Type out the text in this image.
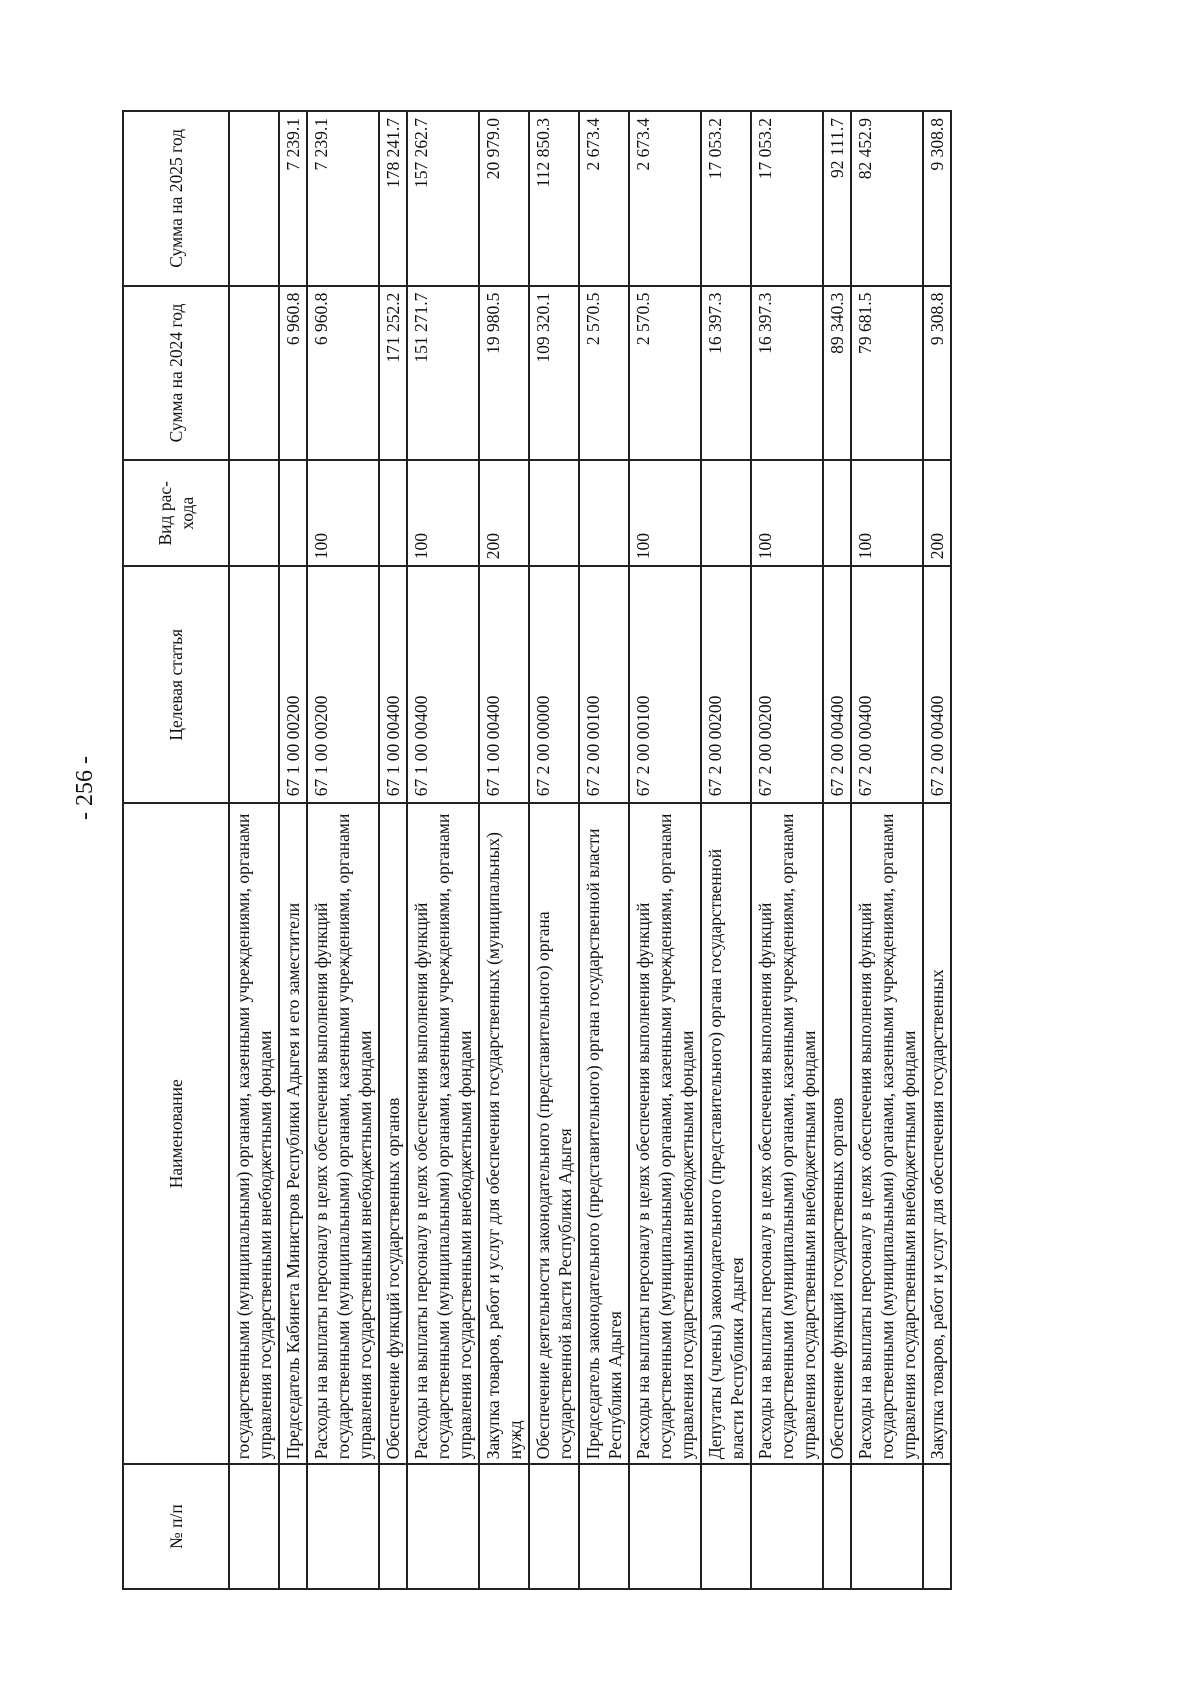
- 256 -
№ п/п	Наименование	Целевая статья	Вид рас-хода	Сумма на 2024 год	Сумма на 2025 год
	государственными (муниципальными) органами, казенными учреждениями, органами управления государственными внебюджетными фондами				
	Председатель Кабинета Министров Республики Адыгея и его заместители	67 1 00 00200		6 960.8	7 239.1
	Расходы на выплаты персоналу в целях обеспечения выполнения функций государственными (муниципальными) органами, казенными учреждениями, органами управления государственными внебюджетными фондами	67 1 00 00200	100	6 960.8	7 239.1
	Обеспечение функций государственных органов	67 1 00 00400		171 252.2	178 241.7
	Расходы на выплаты персоналу в целях обеспечения выполнения функций государственными (муниципальными) органами, казенными учреждениями, органами управления государственными внебюджетными фондами	67 1 00 00400	100	151 271.7	157 262.7
	Закупка товаров, работ и услуг для обеспечения государственных (муниципальных) нужд	67 1 00 00400	200	19 980.5	20 979.0
	Обеспечение деятельности законодательного (представительного) органа государственной власти Республики Адыгея	67 2 00 00000		109 320.1	112 850.3
	Председатель законодательного (представительного) органа государственной власти Республики Адыгея	67 2 00 00100		2 570.5	2 673.4
	Расходы на выплаты персоналу в целях обеспечения выполнения функций государственными (муниципальными) органами, казенными учреждениями, органами управления государственными внебюджетными фондами	67 2 00 00100	100	2 570.5	2 673.4
	Депутаты (члены) законодательного (представительного) органа государственной власти Республики Адыгея	67 2 00 00200		16 397.3	17 053.2
	Расходы на выплаты персоналу в целях обеспечения выполнения функций государственными (муниципальными) органами, казенными учреждениями, органами управления государственными внебюджетными фондами	67 2 00 00200	100	16 397.3	17 053.2
	Обеспечение функций государственных органов	67 2 00 00400		89 340.3	92 111.7
	Расходы на выплаты персоналу в целях обеспечения выполнения функций государственными (муниципальными) органами, казенными учреждениями, органами управления государственными внебюджетными фондами	67 2 00 00400	100	79 681.5	82 452.9
	Закупка товаров, работ и услуг для обеспечения государственных	67 2 00 00400	200	9 308.8	9 308.8
